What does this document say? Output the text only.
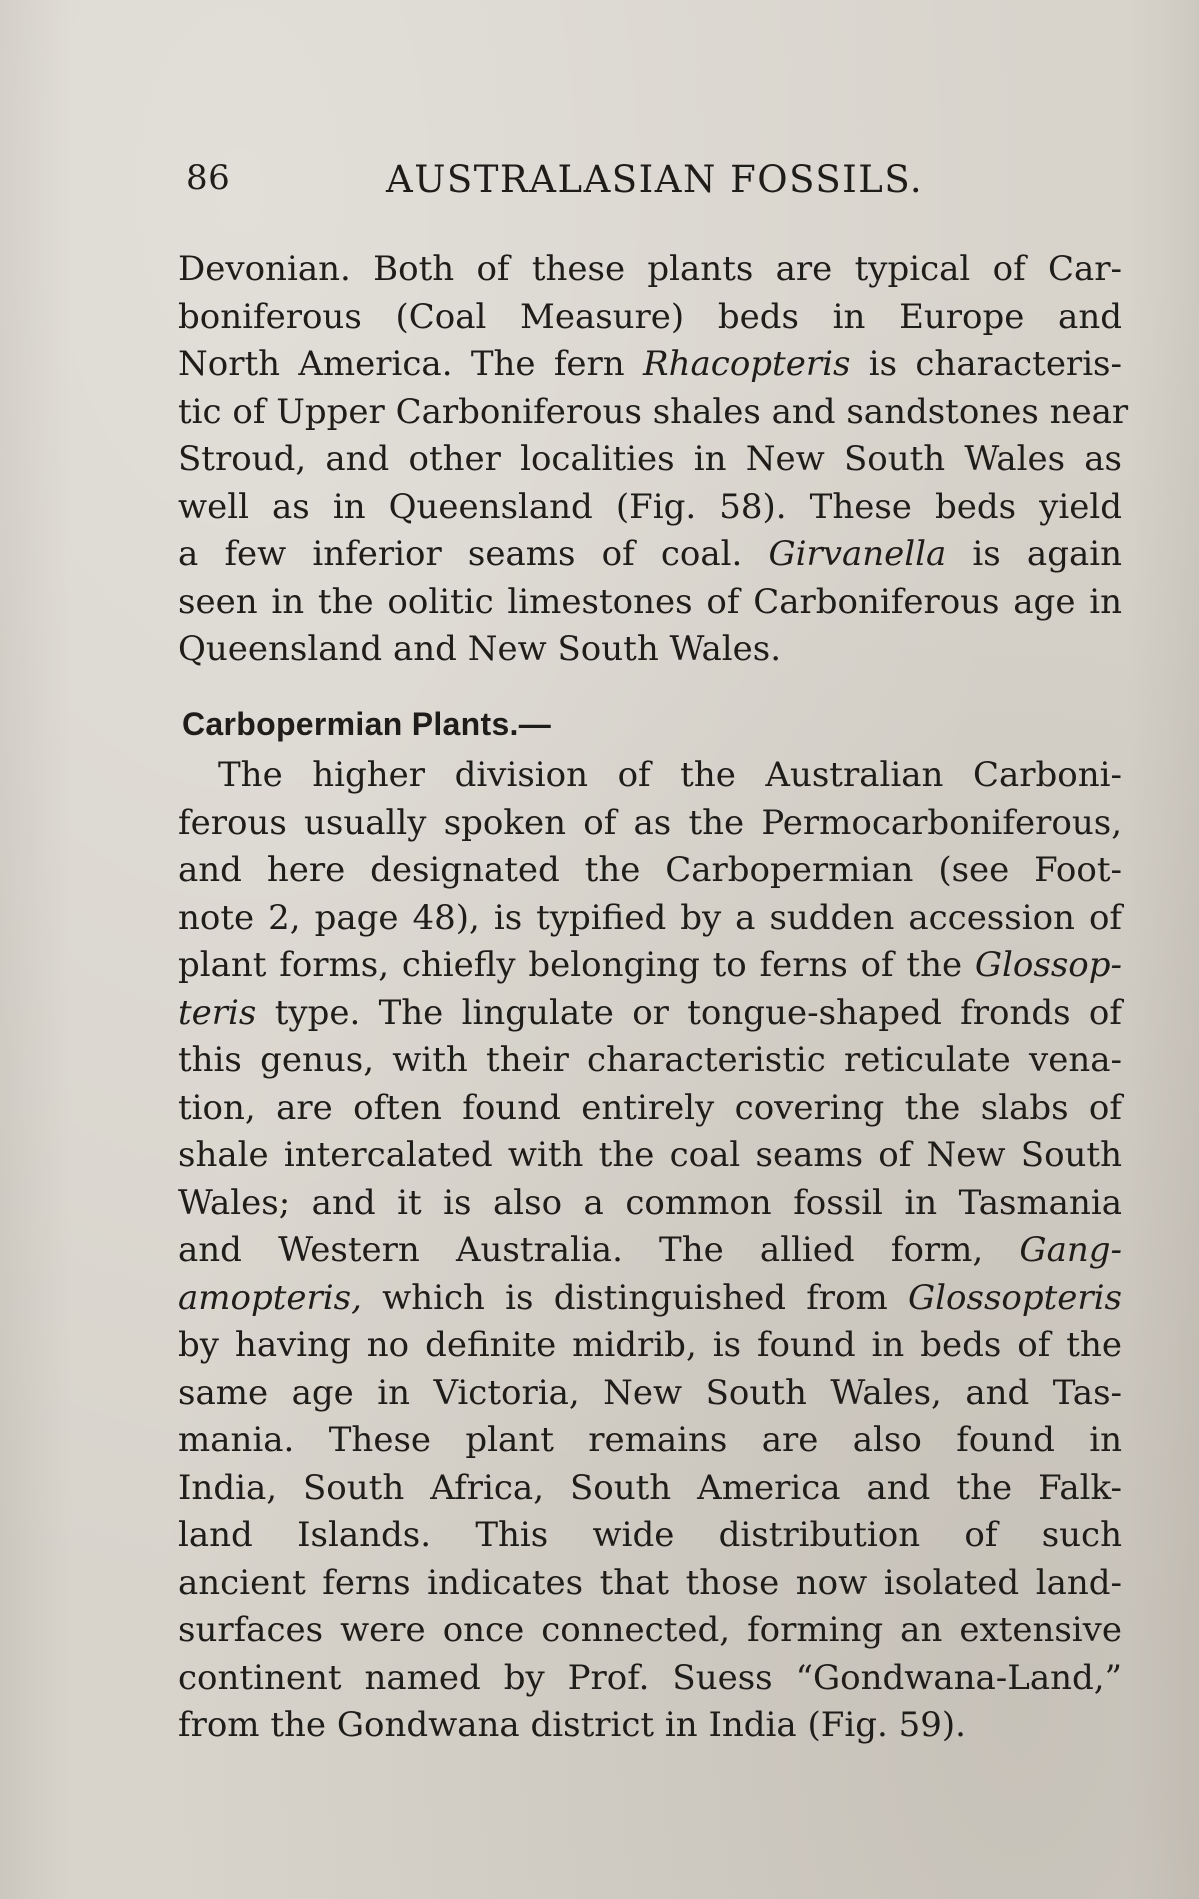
86	AUSTRALASIAN FOSSILS.
Devonian. Both of these plants are typical of Car-
boniferous (Coal Measure) beds in Europe and
North America. The fern Rhacopteris is characteris-
tic of Upper Carboniferous shales and sandstones near
Stroud, and other localities in New South Wales as
well as in Queensland (Fig. 58). These beds yield
a few inferior seams of coal. Girvanella is again
seen in the oolitic limestones of Carboniferous age in
Queensland and New South Wales.
Carbopermian Plants.—
The higher division of the Australian Carboni-
ferous usually spoken of as the Permocarboniferous,
and here designated the Carbopermian (see Foot-
note 2, page 48), is typified by a sudden accession of
plant forms, chiefly belonging to ferns of the Glossop-
teris type. The lingulate or tongue-shaped fronds of
this genus, with their characteristic reticulate vena-
tion, are often found entirely covering the slabs of
shale intercalated with the coal seams of New South
Wales; and it is also a common fossil in Tasmania
and Western Australia. The allied form, Gang-
amopteris, which is distinguished from Glossopteris
by having no definite midrib, is found in beds of the
same age in Victoria, New South Wales, and Tas-
mania. These plant remains are also found in
India, South Africa, South America and the Falk-
land Islands. This wide distribution of such
ancient ferns indicates that those now isolated land-
surfaces were once connected, forming an extensive
continent named by Prof. Suess “Gondwana-Land,”
from the Gondwana district in India (Fig. 59).
